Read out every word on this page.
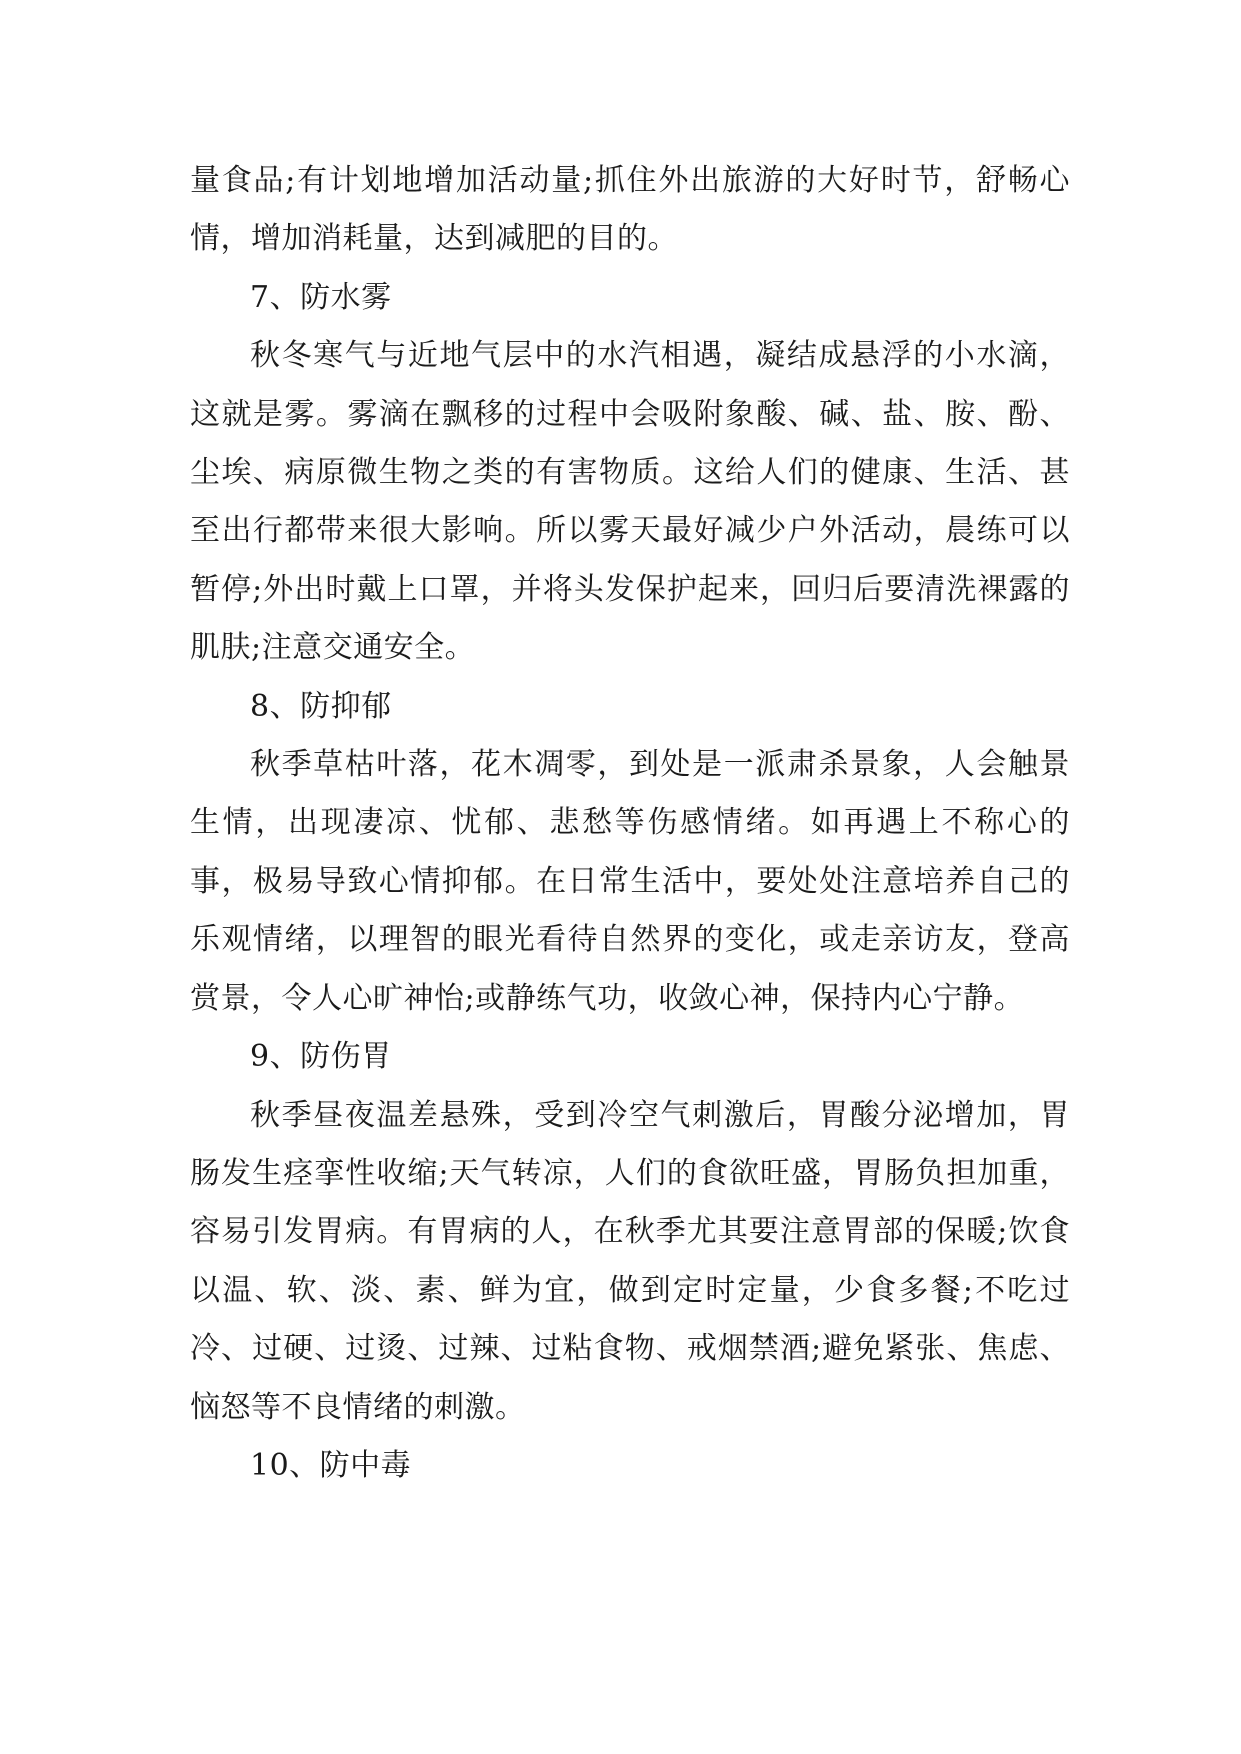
量食品;有计划地增加活动量;抓住外出旅游的大好时节，舒畅心情，增加消耗量，达到减肥的目的。

7、防水雾

秋冬寒气与近地气层中的水汽相遇，凝结成悬浮的小水滴，这就是雾。雾滴在飘移的过程中会吸附象酸、碱、盐、胺、酚、尘埃、病原微生物之类的有害物质。这给人们的健康、生活、甚至出行都带来很大影响。所以雾天最好减少户外活动，晨练可以暂停;外出时戴上口罩，并将头发保护起来，回归后要清洗裸露的肌肤;注意交通安全。

8、防抑郁

秋季草枯叶落，花木凋零，到处是一派肃杀景象，人会触景生情，出现凄凉、忧郁、悲愁等伤感情绪。如再遇上不称心的事，极易导致心情抑郁。在日常生活中，要处处注意培养自己的乐观情绪，以理智的眼光看待自然界的变化，或走亲访友，登高赏景，令人心旷神怡;或静练气功，收敛心神，保持内心宁静。

9、防伤胃

秋季昼夜温差悬殊，受到冷空气刺激后，胃酸分泌增加，胃肠发生痉挛性收缩;天气转凉，人们的食欲旺盛，胃肠负担加重，容易引发胃病。有胃病的人，在秋季尤其要注意胃部的保暖;饮食以温、软、淡、素、鲜为宜，做到定时定量，少食多餐;不吃过冷、过硬、过烫、过辣、过粘食物、戒烟禁酒;避免紧张、焦虑、恼怒等不良情绪的刺激。

10、防中毒
